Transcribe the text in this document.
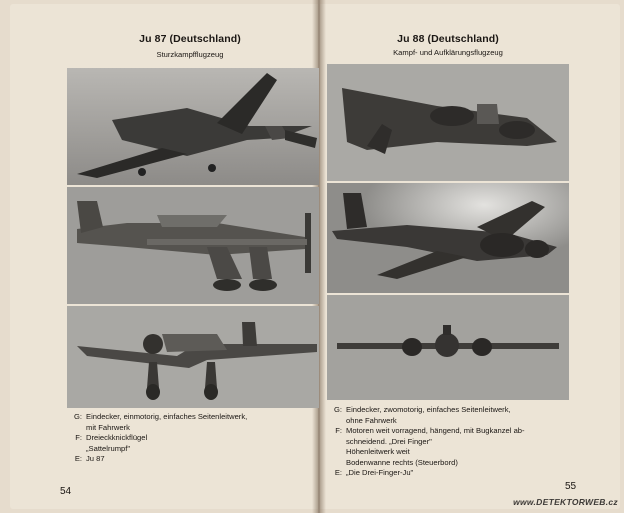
Ju 87 (Deutschland)
Sturzkampfflugzeug
G: Eindecker, einmotorig, einfaches Seitenleitwerk,
mit Fahrwerk
F: Dreieckknickflügel
„Sattelrumpf"
E: Ju 87
54
Ju 88 (Deutschland)
Kampf- und Aufklärungsflugzeug
G: Eindecker, zwomotorig, einfaches Seitenleitwerk,
ohne Fahrwerk
F: Motoren weit vorragend, hängend, mit Bugkanzel ab-
schneidend. „Drei Finger"
Höhenleitwerk weit
Bodenwanne rechts (Steuerbord)
E: „Die Drei-Finger-Ju"
55
www.DETEKTORWEB.cz
